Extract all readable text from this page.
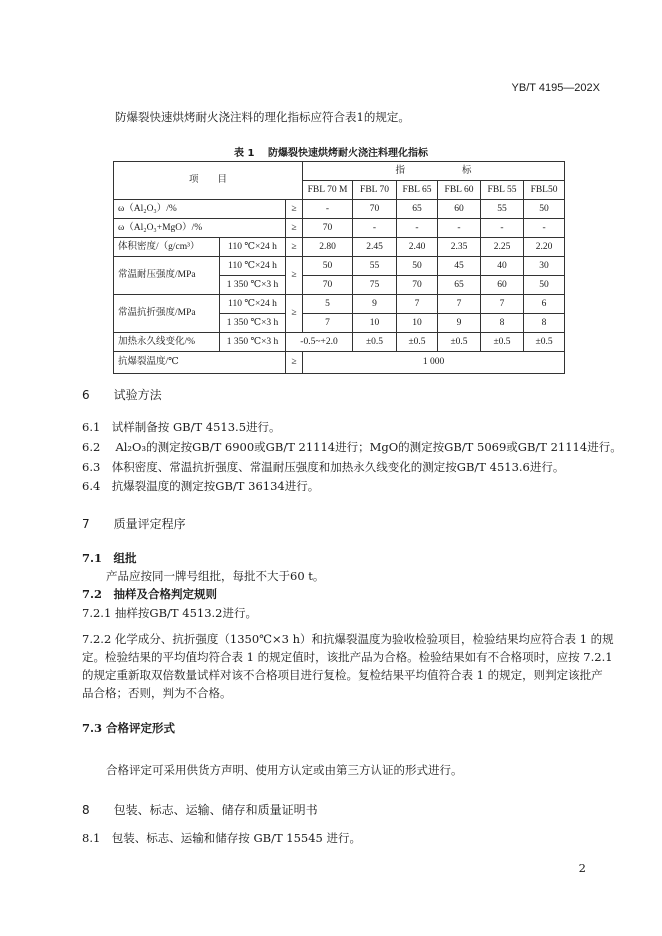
YB/T 4195—202X
防爆裂快速烘烤耐火浇注料的理化指标应符合表1的规定。
表 1　 防爆裂快速烘烤耐火浇注料理化指标
项　　目			指　　　　　　标					
			FBL 70 M	FBL 70	FBL 65	FBL 60	FBL 55	FBL50
ω（Al₂O₃）/%		≥	-	70	65	60	55	50
ω（Al₂O₃+MgO）/%		≥	70	-	-	-	-	-
体积密度/（g/cm³）	110 ℃×24 h	≥	2.80	2.45	2.40	2.35	2.25	2.20
常温耐压强度/MPa	110 ℃×24 h	≥	50	55	50	45	40	30
	1 350 ℃×3 h		70	75	70	65	60	50
常温抗折强度/MPa	110 ℃×24 h	≥	5	9	7	7	7	6
	1 350 ℃×3 h		7	10	10	9	8	8
加热永久线变化/%	1 350 ℃×3 h	-0.5~+2.0		±0.5	±0.5	±0.5	±0.5	±0.5
抗爆裂温度/℃		≥	1 000					
6　　试验方法
6.1　试样制备按 GB/T 4513.5进行。
6.2　 Al₂O₃的测定按GB/T 6900或GB/T 21114进行；MgO的测定按GB/T 5069或GB/T 21114进行。
6.3　体积密度、常温抗折强度、常温耐压强度和加热永久线变化的测定按GB/T 4513.6进行。
6.4　抗爆裂温度的测定按GB/T 36134进行。
7　　质量评定程序
7.1　组批
产品应按同一牌号组批，每批不大于60 t。
7.2　抽样及合格判定规则
7.2.1 抽样按GB/T 4513.2进行。
7.2.2 化学成分、抗折强度（1350℃×3 h）和抗爆裂温度为验收检验项目，检验结果均应符合表 1 的规
定。检验结果的平均值均符合表 1 的规定值时，该批产品为合格。检验结果如有不合格项时，应按 7.2.1
的规定重新取双倍数量试样对该不合格项目进行复检。复检结果平均值符合表 1 的规定，则判定该批产
品合格；否则，判为不合格。
7.3 合格评定形式
合格评定可采用供货方声明、使用方认定或由第三方认证的形式进行。
8　　包装、标志、运输、储存和质量证明书
8.1　包装、标志、运输和储存按 GB/T 15545 进行。
2
